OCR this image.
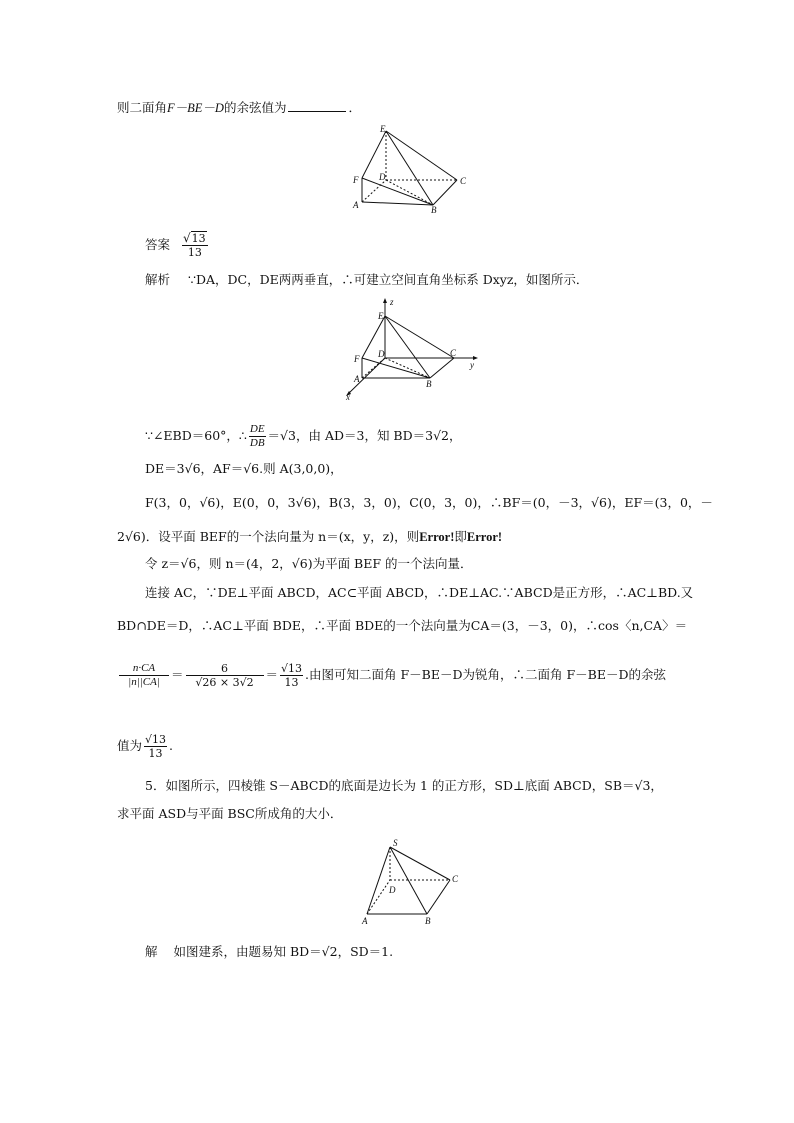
则二面角F－BE－D的余弦值为	．
E
F D	C
A	B
答案 $\frac{√13}{13}$
解析 ∵DA，DC，DE两两垂直，∴可建立空间直角坐标系 Dxyz，如图所示．
z
E
F D	C
y
A	B
x
∵∠EBD＝60°，∴ $\frac{DE}{DB} =√3$，由 AD＝3，知 BD＝3√2，
DE＝3√6，AF＝√6.则 A(3,0,0)，
F(3，0，√6)，E(0，0，3√6)，B(3，3，0)，C(0，3，0)，∴BF＝(0，－3，√6)，EF＝(3，0，－
2√6)．设平面 BEF的一个法向量为 n＝(x，y，z)，则Error!即Error!
令 z＝√6，则 n＝(4，2，√6)为平面 BEF 的一个法向量．
连接 AC，∵DE⊥平面 ABCD，AC⊂平面 ABCD，∴DE⊥AC.∵ABCD是正方形，∴AC⊥BD.又
BD∩DE＝D，∴AC⊥平面 BDE，∴平面 BDE的一个法向量为CA＝(3，－3，0)，∴cos〈n,CA〉＝
$\frac{n\cdot CA}{|n||CA|} = \frac{6}{√26 \times 3√2} = \frac{√13}{13}$ .由图可知二面角 F－BE－D为锐角，∴二面角 F－BE－D的余弦
值为 $\frac{√13}{13}$ .
5．如图所示，四棱锥 S－ABCD的底面是边长为 1 的正方形，SD⊥底面 ABCD，SB＝√3，
求平面 ASD与平面 BSC所成角的大小．
S
D
C
A	B
解 如图建系，由题易知 BD＝√2，SD＝1.
